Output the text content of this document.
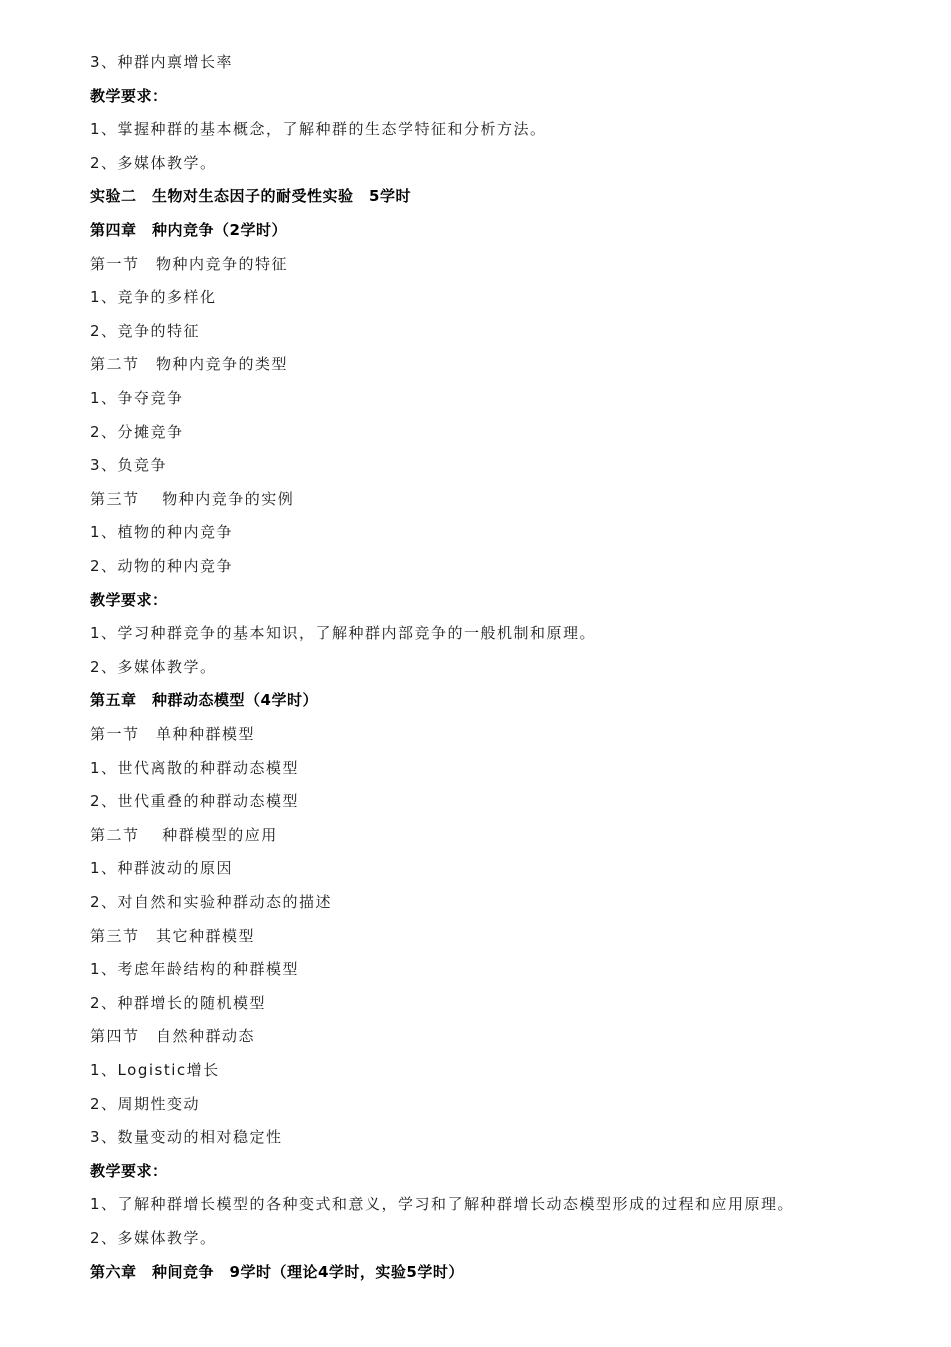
3、种群内禀增长率
教学要求：
1、掌握种群的基本概念，了解种群的生态学特征和分析方法。
2、多媒体教学。
实验二　生物对生态因子的耐受性实验　5学时
第四章　种内竞争（2学时）
第一节　物种内竞争的特征
1、竞争的多样化
2、竞争的特征
第二节　物种内竞争的类型
1、争夺竞争
2、分摊竞争
3、负竞争
第三节　 物种内竞争的实例
1、植物的种内竞争
2、动物的种内竞争
教学要求：
1、学习种群竞争的基本知识，了解种群内部竞争的一般机制和原理。
2、多媒体教学。
第五章　种群动态模型（4学时）
第一节　单种种群模型
1、世代离散的种群动态模型
2、世代重叠的种群动态模型
第二节　 种群模型的应用
1、种群波动的原因
2、对自然和实验种群动态的描述
第三节　其它种群模型
1、考虑年龄结构的种群模型
2、种群增长的随机模型
第四节　自然种群动态
1、Logistic增长
2、周期性变动
3、数量变动的相对稳定性
教学要求：
1、了解种群增长模型的各种变式和意义，学习和了解种群增长动态模型形成的过程和应用原理。
2、多媒体教学。
第六章　种间竞争　9学时（理论4学时，实验5学时）
